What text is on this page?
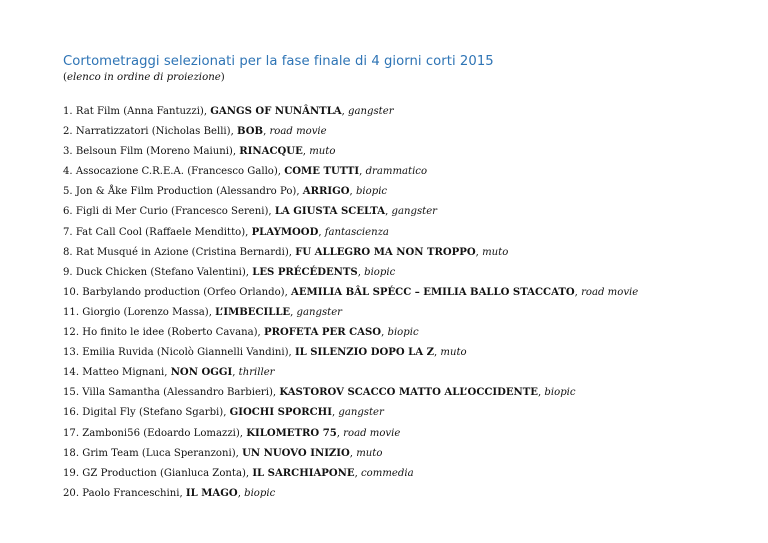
Cortometraggi selezionati per la fase finale di 4 giorni corti 2015

(elenco in ordine di proiezione)

1. Rat Film (Anna Fantuzzi), GANGS OF NUNÂNTLA, gangster
2. Narratizzatori (Nicholas Belli), BOB, road movie
3. Belsoun Film (Moreno Maiuni), RINACQUE, muto
4. Assocazione C.R.E.A. (Francesco Gallo), COME TUTTI, drammatico
5. Jon & Åke Film Production (Alessandro Po), ARRIGO, biopic
6. Figli di Mer Curio (Francesco Sereni), LA GIUSTA SCELTA, gangster
7. Fat Call Cool (Raffaele Menditto), PLAYMOOD, fantascienza
8. Rat Musqué in Azione (Cristina Bernardi), FU ALLEGRO MA NON TROPPO, muto
9. Duck Chicken (Stefano Valentini), LES PRÉCÉDENTS, biopic
10. Barbylando production (Orfeo Orlando), AEMILIA BÂL SPÉCC – EMILIA BALLO STACCATO, road movie
11. Giorgio (Lorenzo Massa), L’IMBECILLE, gangster
12. Ho finito le idee (Roberto Cavana), PROFETA PER CASO, biopic
13. Emilia Ruvida (Nicolò Giannelli Vandini), IL SILENZIO DOPO LA Z, muto
14. Matteo Mignani, NON OGGI, thriller
15. Villa Samantha (Alessandro Barbieri), KASTOROV SCACCO MATTO ALL’OCCIDENTE, biopic
16. Digital Fly (Stefano Sgarbi), GIOCHI SPORCHI, gangster
17. Zamboni56 (Edoardo Lomazzi), KILOMETRO 75, road movie
18. Grim Team (Luca Speranzoni), UN NUOVO INIZIO, muto
19. GZ Production (Gianluca Zonta), IL SARCHIAPONE, commedia
20. Paolo Franceschini, IL MAGO, biopic
